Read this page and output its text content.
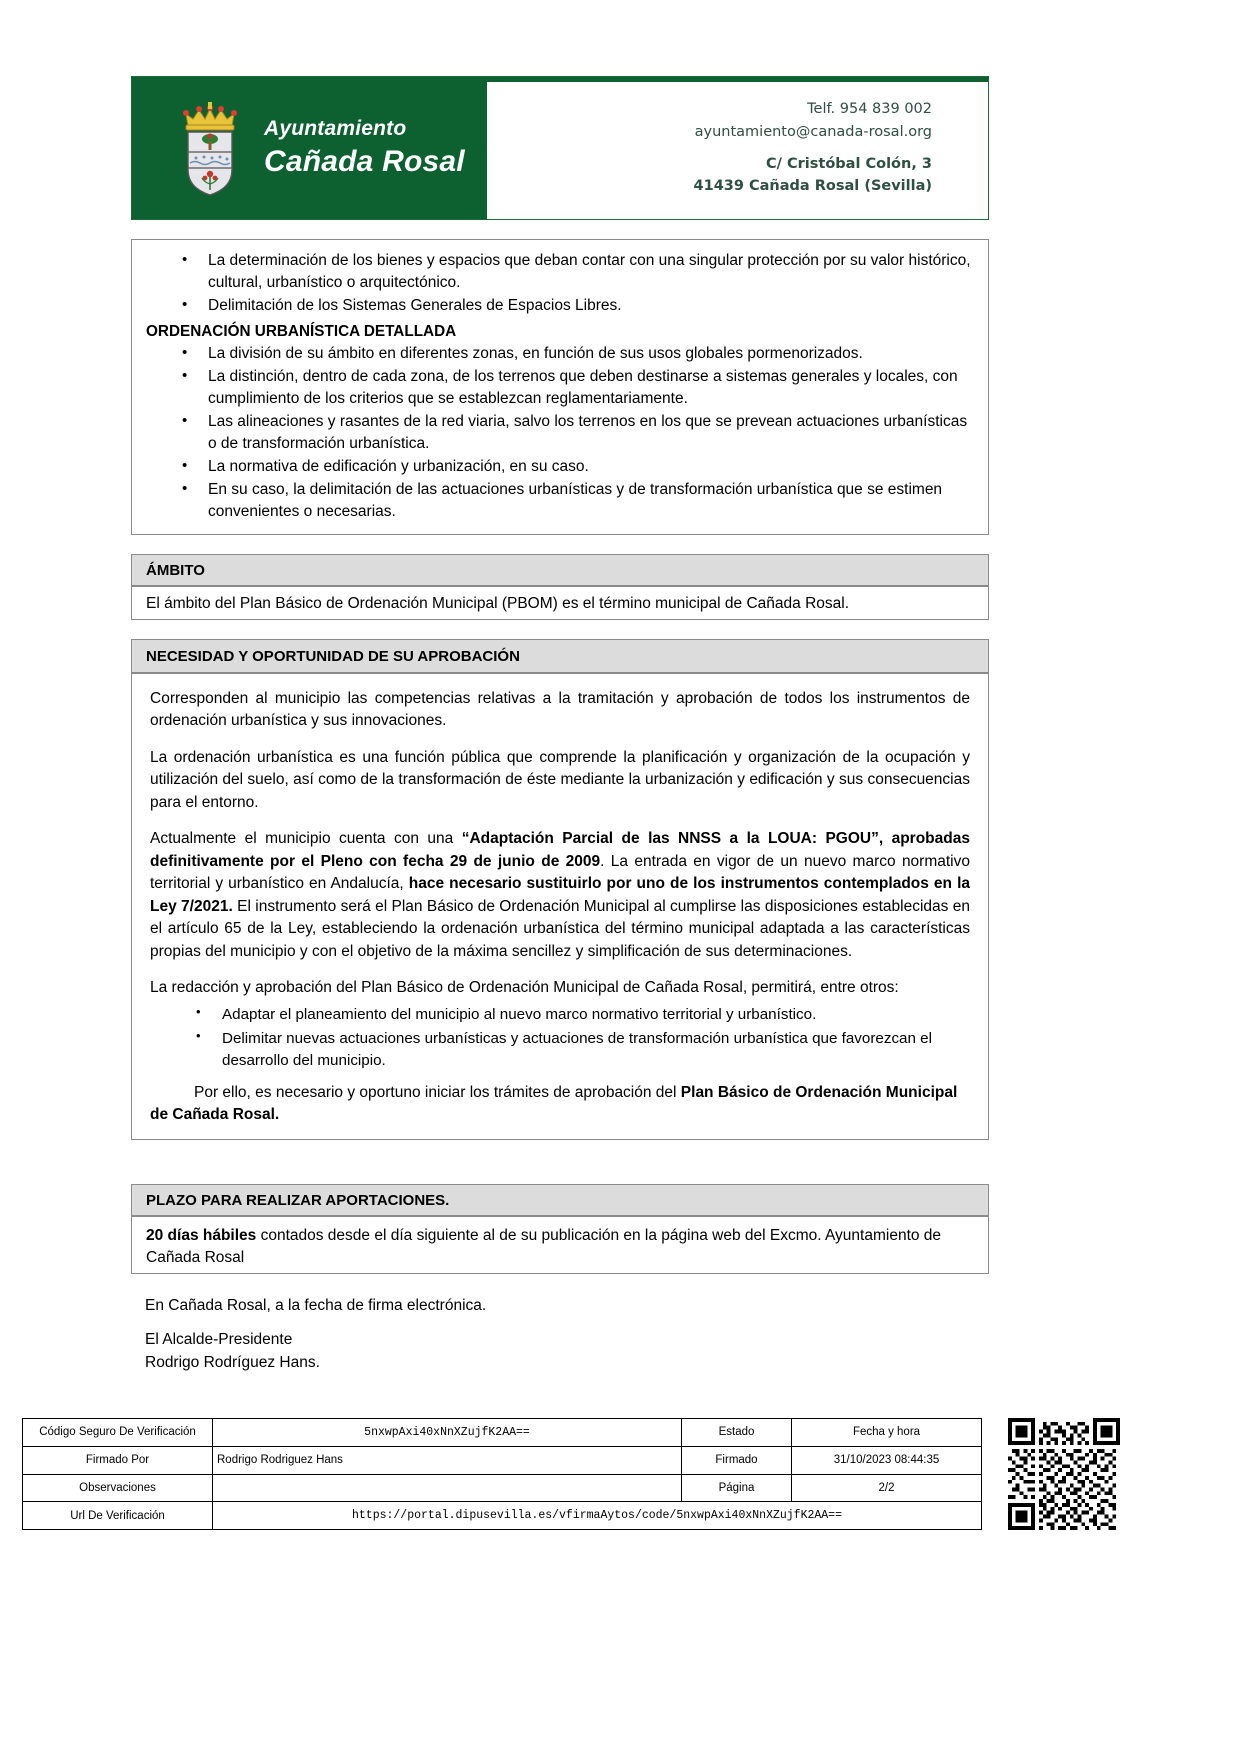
Ayuntamiento
Cañada Rosal
Telf. 954 839 002
ayuntamiento@canada-rosal.org
C/ Cristóbal Colón, 3
41439 Cañada Rosal (Sevilla)
• La determinación de los bienes y espacios que deban contar con una singular protección por su valor histórico, cultural, urbanístico o arquitectónico.
• Delimitación de los Sistemas Generales de Espacios Libres.
ORDENACIÓN URBANÍSTICA DETALLADA
• La división de su ámbito en diferentes zonas, en función de sus usos globales pormenorizados.
• La distinción, dentro de cada zona, de los terrenos que deben destinarse a sistemas generales y locales, con cumplimiento de los criterios que se establezcan reglamentariamente.
• Las alineaciones y rasantes de la red viaria, salvo los terrenos en los que se prevean actuaciones urbanísticas o de transformación urbanística.
• La normativa de edificación y urbanización, en su caso.
• En su caso, la delimitación de las actuaciones urbanísticas y de transformación urbanística que se estimen convenientes o necesarias.
ÁMBITO

El ámbito del Plan Básico de Ordenación Municipal (PBOM) es el término municipal de Cañada Rosal.

NECESIDAD Y OPORTUNIDAD DE SU APROBACIÓN

Corresponden al municipio las competencias relativas a la tramitación y aprobación de todos los instrumentos de ordenación urbanística y sus innovaciones.

La ordenación urbanística es una función pública que comprende la planificación y organización de la ocupación y utilización del suelo, así como de la transformación de éste mediante la urbanización y edificación y sus consecuencias para el entorno.

Actualmente el municipio cuenta con una “Adaptación Parcial de las NNSS a la LOUA: PGOU”, aprobadas definitivamente por el Pleno con fecha 29 de junio de 2009. La entrada en vigor de un nuevo marco normativo territorial y urbanístico en Andalucía, hace necesario sustituirlo por uno de los instrumentos contemplados en la Ley 7/2021. El instrumento será el Plan Básico de Ordenación Municipal al cumplirse las disposiciones establecidas en el artículo 65 de la Ley, estableciendo la ordenación urbanística del término municipal adaptada a las características propias del municipio y con el objetivo de la máxima sencillez y simplificación de sus determinaciones.

La redacción y aprobación del Plan Básico de Ordenación Municipal de Cañada Rosal, permitirá, entre otros:

• Adaptar el planeamiento del municipio al nuevo marco normativo territorial y urbanístico.
• Delimitar nuevas actuaciones urbanísticas y actuaciones de transformación urbanística que favorezcan el desarrollo del municipio.

Por ello, es necesario y oportuno iniciar los trámites de aprobación del Plan Básico de Ordenación Municipal de Cañada Rosal.

PLAZO PARA REALIZAR APORTACIONES.

20 días hábiles contados desde el día siguiente al de su publicación en la página web del Excmo. Ayuntamiento de Cañada Rosal

En Cañada Rosal, a la fecha de firma electrónica.
El Alcalde-Presidente
Rodrigo Rodríguez Hans.
Código Seguro De Verificación	5nxwpAxi40xNnXZujfK2AA==	Estado	Fecha y hora
Firmado Por	Rodrigo Rodriguez Hans	Firmado	31/10/2023 08:44:35
Observaciones		Página	2/2
Url De Verificación	https://portal.dipusevilla.es/vfirmaAytos/code/5nxwpAxi40xNnXZujfK2AA==		
